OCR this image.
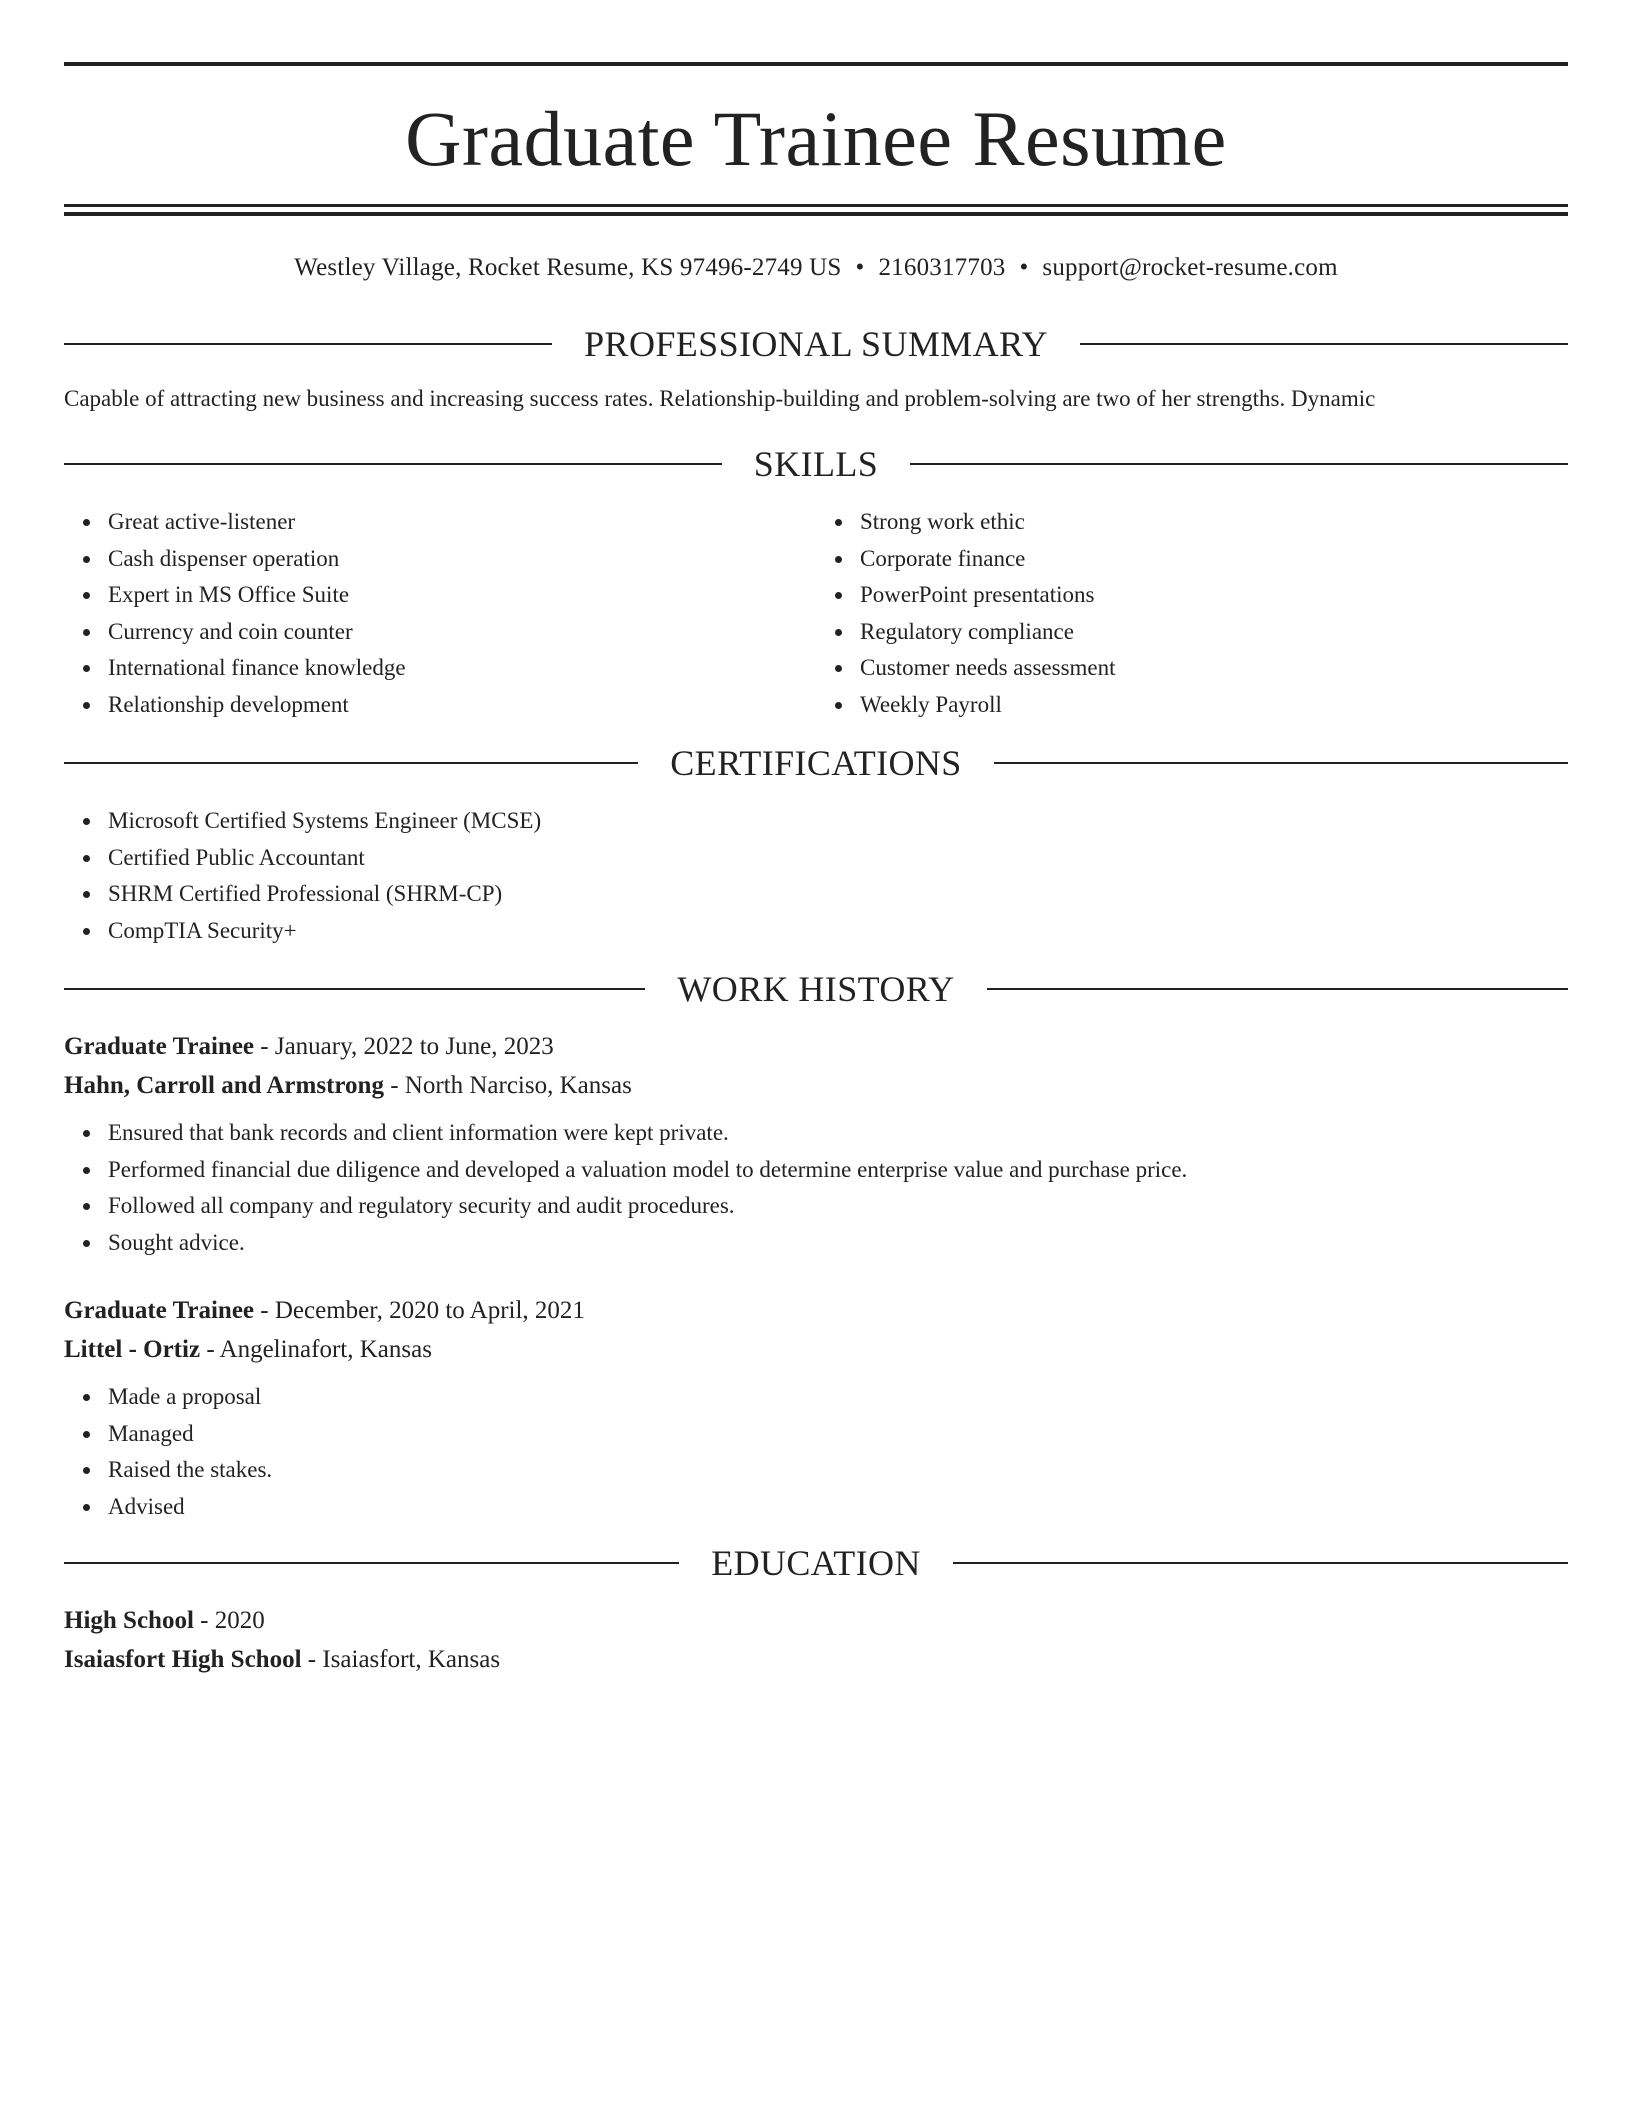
Graduate Trainee Resume
Westley Village, Rocket Resume, KS 97496-2749 US • 2160317703 • support@rocket-resume.com
PROFESSIONAL SUMMARY
Capable of attracting new business and increasing success rates. Relationship-building and problem-solving are two of her strengths. Dynamic
SKILLS
Great active-listener
Cash dispenser operation
Expert in MS Office Suite
Currency and coin counter
International finance knowledge
Relationship development
Strong work ethic
Corporate finance
PowerPoint presentations
Regulatory compliance
Customer needs assessment
Weekly Payroll
CERTIFICATIONS
Microsoft Certified Systems Engineer (MCSE)
Certified Public Accountant
SHRM Certified Professional (SHRM-CP)
CompTIA Security+
WORK HISTORY
Graduate Trainee - January, 2022 to June, 2023
Hahn, Carroll and Armstrong - North Narciso, Kansas
Ensured that bank records and client information were kept private.
Performed financial due diligence and developed a valuation model to determine enterprise value and purchase price.
Followed all company and regulatory security and audit procedures.
Sought advice.
Graduate Trainee - December, 2020 to April, 2021
Littel - Ortiz - Angelinafort, Kansas
Made a proposal
Managed
Raised the stakes.
Advised
EDUCATION
High School - 2020
Isaiasfort High School - Isaiasfort, Kansas
